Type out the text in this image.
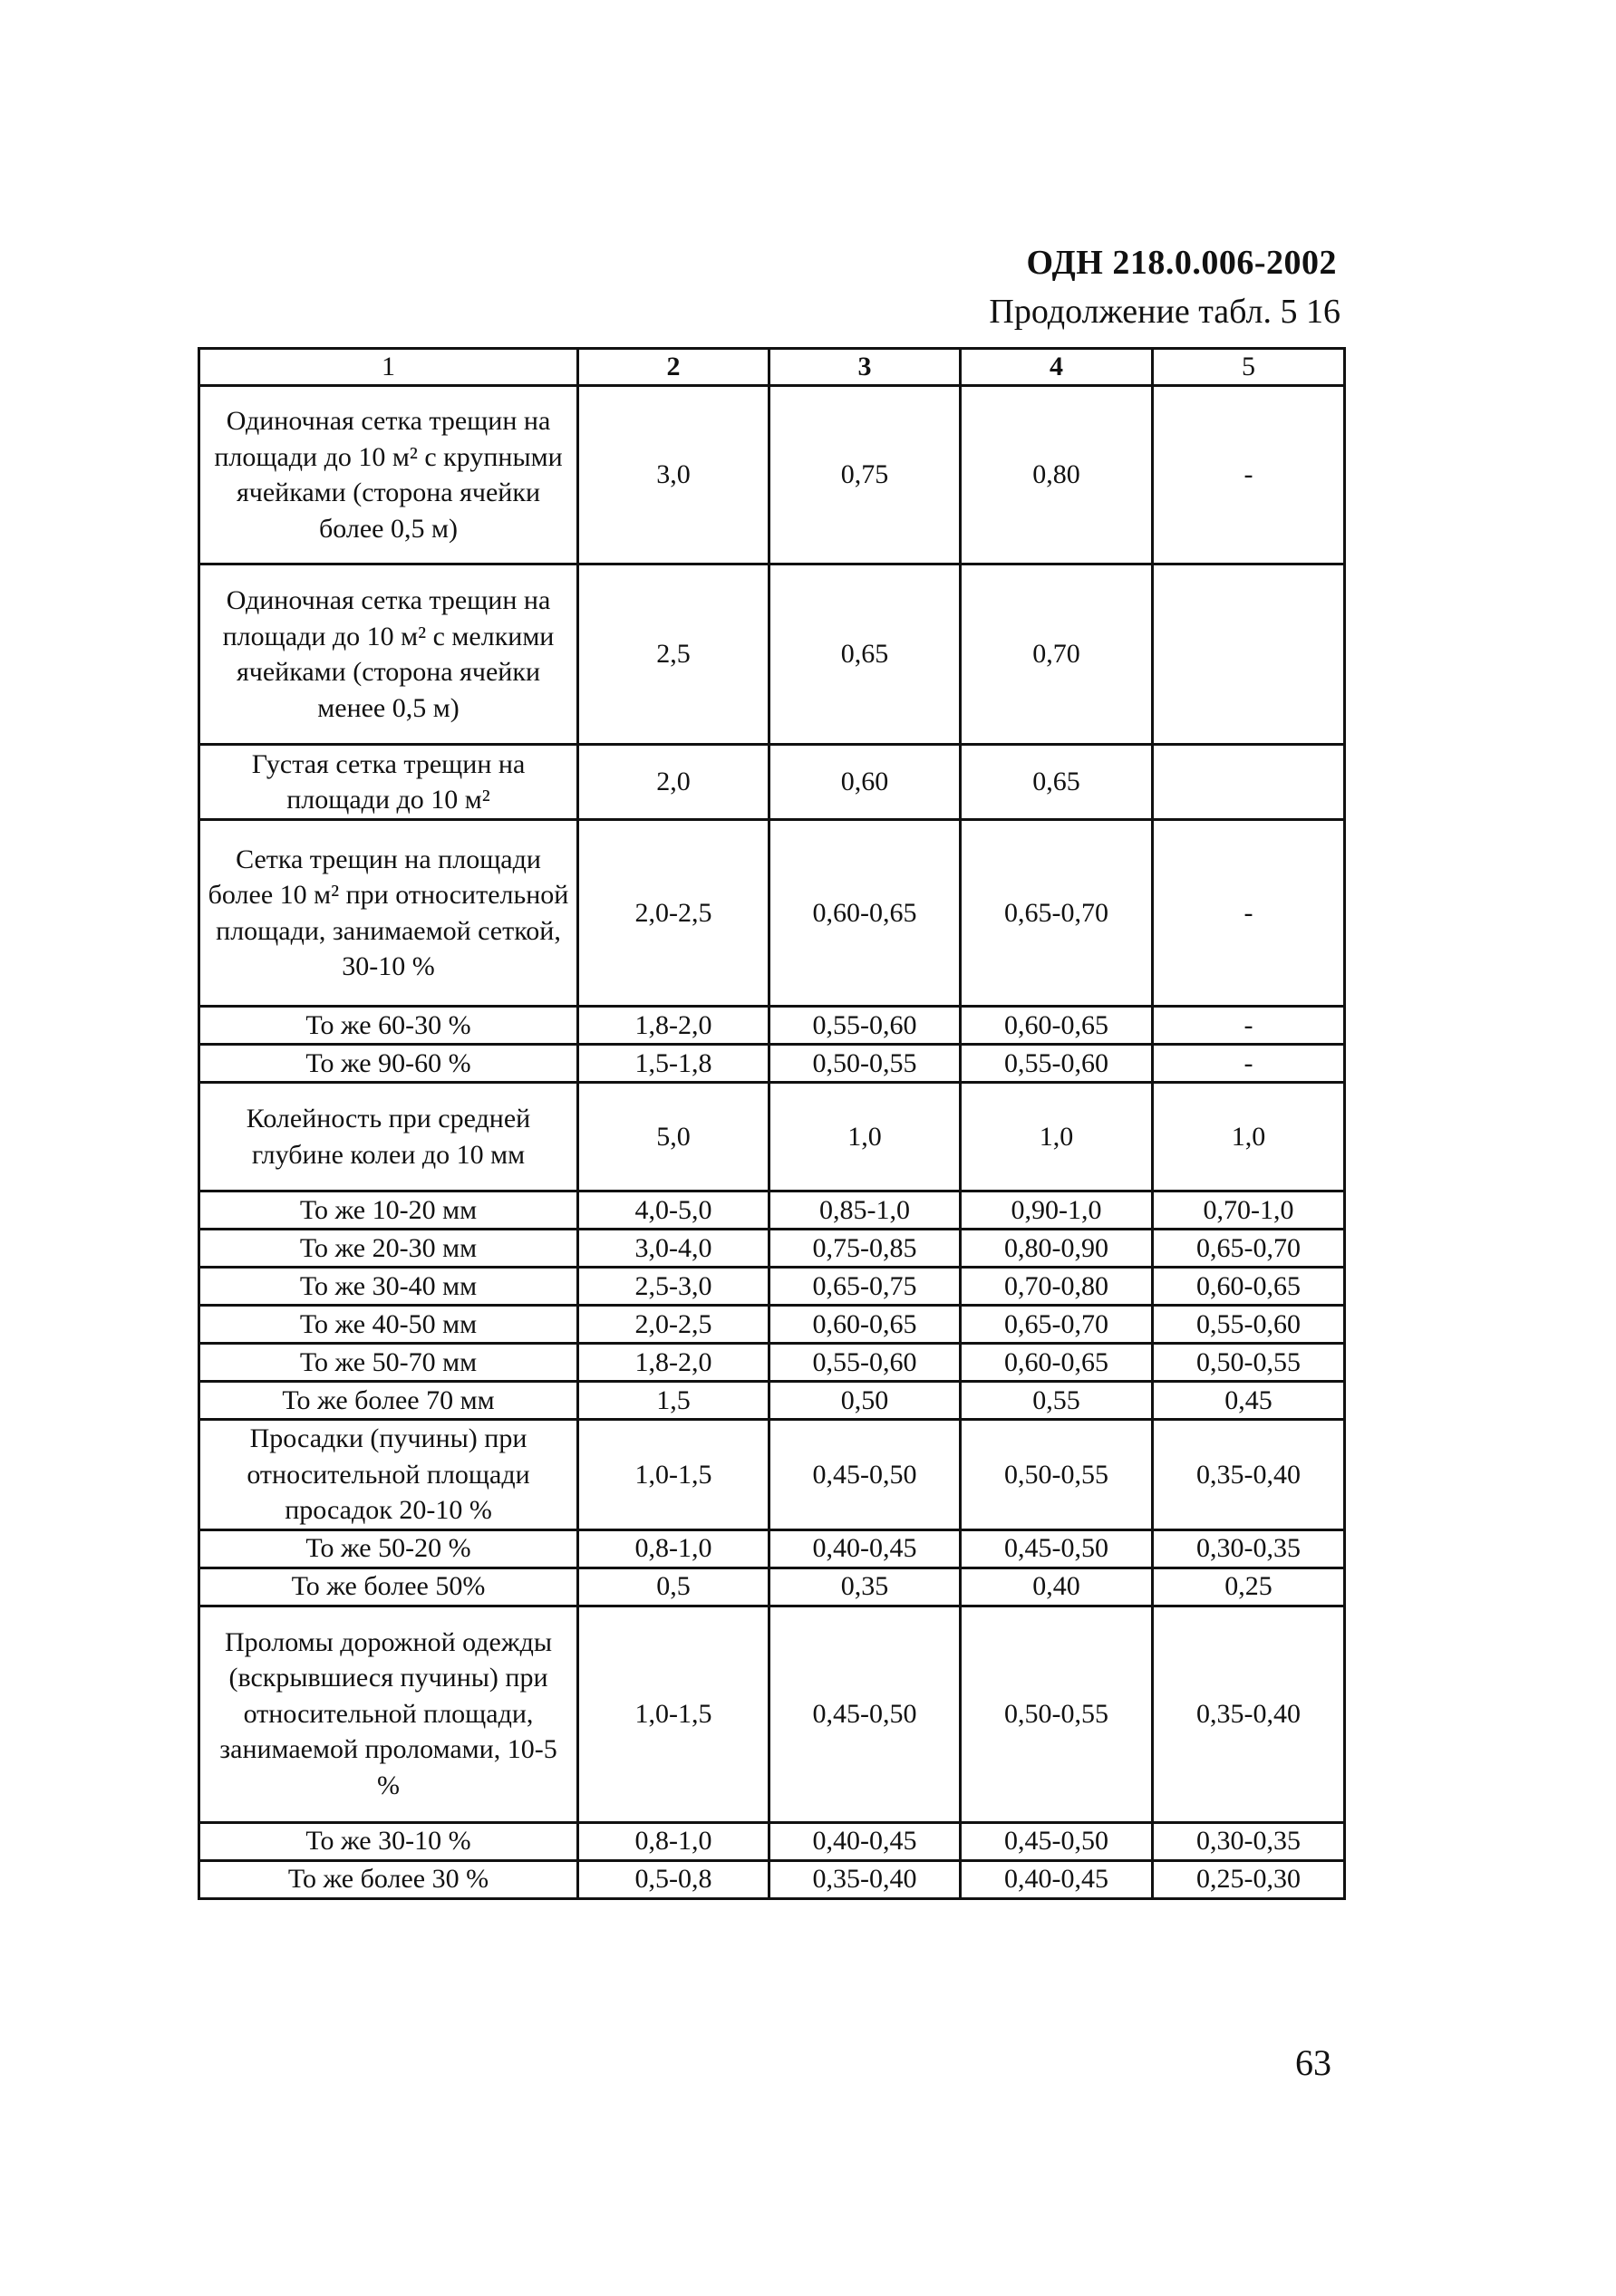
ОДН 218.0.006-2002
Продолжение табл. 5 16
1	2	3	4	5
Одиночная сетка трещин на площади до 10 м² с крупными ячейками (сторона ячейки более 0,5 м)	3,0	0,75	0,80	-
Одиночная сетка трещин на площади до 10 м² с мелкими ячейками (сторона ячейки менее 0,5 м)	2,5	0,65	0,70	
Густая сетка трещин на площади до 10 м²	2,0	0,60	0,65	
Сетка трещин на площади более 10 м² при относительной площади, занимаемой сеткой, 30-10 %	2,0-2,5	0,60-0,65	0,65-0,70	-
То же 60-30 %	1,8-2,0	0,55-0,60	0,60-0,65	-
То же 90-60 %	1,5-1,8	0,50-0,55	0,55-0,60	-
Колейность при средней глубине колеи до 10 мм	5,0	1,0	1,0	1,0
То же 10-20 мм	4,0-5,0	0,85-1,0	0,90-1,0	0,70-1,0
То же 20-30 мм	3,0-4,0	0,75-0,85	0,80-0,90	0,65-0,70
То же 30-40 мм	2,5-3,0	0,65-0,75	0,70-0,80	0,60-0,65
То же 40-50 мм	2,0-2,5	0,60-0,65	0,65-0,70	0,55-0,60
То же 50-70 мм	1,8-2,0	0,55-0,60	0,60-0,65	0,50-0,55
То же более 70 мм	1,5	0,50	0,55	0,45
Просадки (пучины) при относительной площади просадок 20-10 %	1,0-1,5	0,45-0,50	0,50-0,55	0,35-0,40
То же 50-20 %	0,8-1,0	0,40-0,45	0,45-0,50	0,30-0,35
То же более 50%	0,5	0,35	0,40	0,25
Проломы дорожной одежды (вскрывшиеся пучины) при относительной площади, занимаемой проломами, 10-5 %	1,0-1,5	0,45-0,50	0,50-0,55	0,35-0,40
То же 30-10 %	0,8-1,0	0,40-0,45	0,45-0,50	0,30-0,35
То же более 30 %	0,5-0,8	0,35-0,40	0,40-0,45	0,25-0,30
63
